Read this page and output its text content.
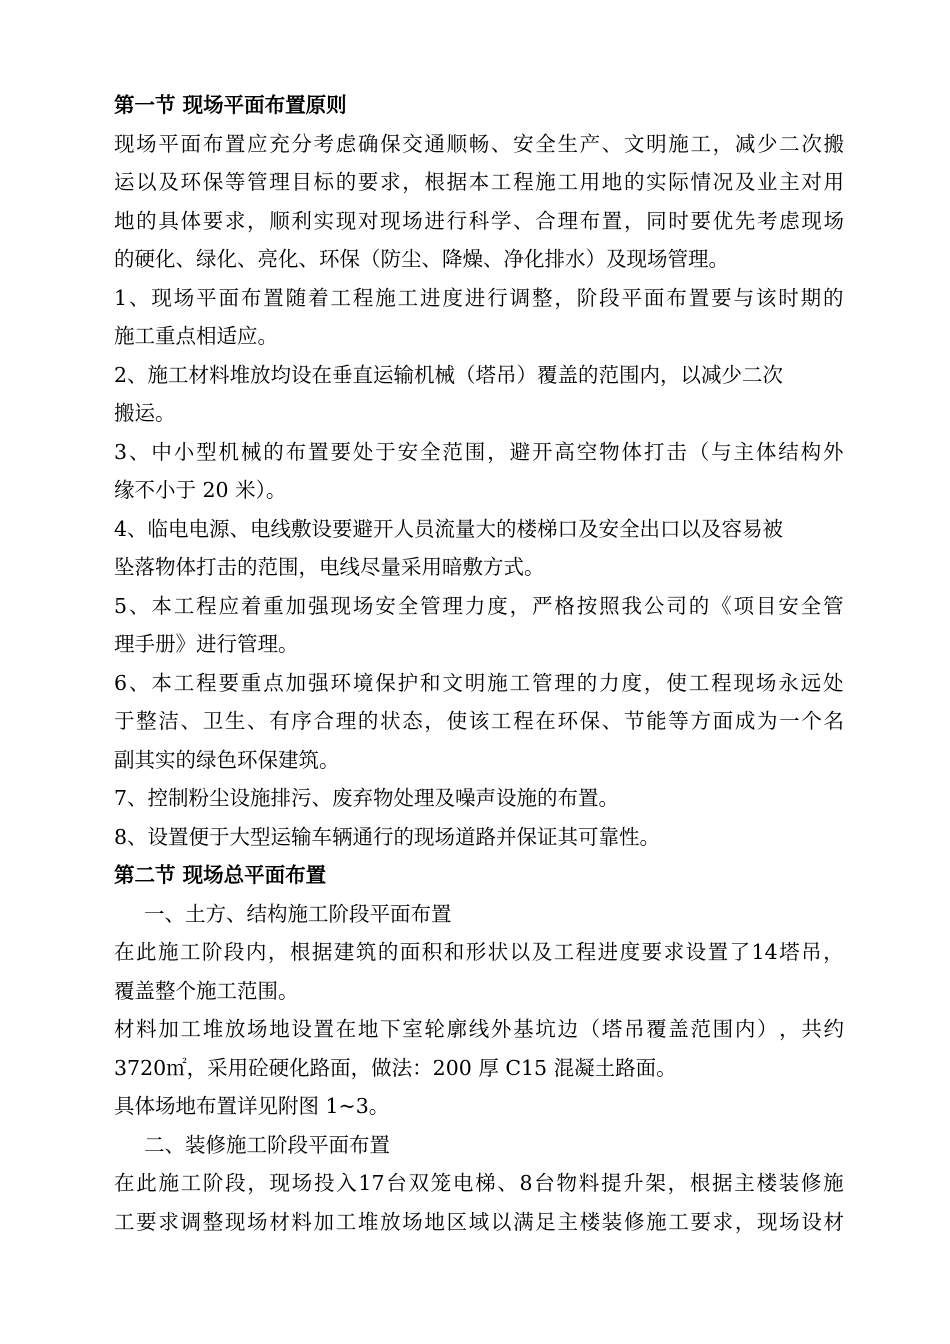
第一节 现场平面布置原则
现 场 平 面 布 置 应 充 分 考 虑 确 保 交 通 顺 畅 、 安 全 生 产 、 文 明 施 工 ， 减 少 二 次 搬
运 以 及 环 保 等 管 理 目 标 的 要 求 ， 根 据 本 工 程 施 工 用 地 的 实 际 情 况 及 业 主 对 用
地 的 具 体 要 求 ， 顺 利 实 现 对 现 场 进 行 科 学 、 合 理 布 置 ， 同 时 要 优 先 考 虑 现 场
的硬化、绿化、亮化、环保（防尘、降燥、净化排水）及现场管理。
1 、 现 场 平 面 布 置 随 着 工 程 施 工 进 度 进 行 调 整 ， 阶 段 平 面 布 置 要 与 该 时 期 的
施工重点相适应。
2、施工材料堆放均设在垂直运输机械（塔吊）覆盖的范围内，以减少二次
搬运。
3 、 中 小 型 机 械 的 布 置 要 处 于 安 全 范 围 ， 避 开 高 空 物 体 打 击 （ 与 主 体 结 构 外
缘不小于 20 米）。
4、临电电源、电线敷设要避开人员流量大的楼梯口及安全出口以及容易被
坠落物体打击的范围，电线尽量采用暗敷方式。
5 、 本 工 程 应 着 重 加 强 现 场 安 全 管 理 力 度 ， 严 格 按 照 我 公 司 的 《 项 目 安 全 管
理手册》进行管理。
6 、 本 工 程 要 重 点 加 强 环 境 保 护 和 文 明 施 工 管 理 的 力 度 ， 使 工 程 现 场 永 远 处
于 整 洁 、 卫 生 、 有 序 合 理 的 状 态 ， 使 该 工 程 在 环 保 、 节 能 等 方 面 成 为 一 个 名
副其实的绿色环保建筑。
7、控制粉尘设施排污、废弃物处理及噪声设施的布置。
8、设置便于大型运输车辆通行的现场道路并保证其可靠性。
第二节 现场总平面布置
一、土方、结构施工阶段平面布置
在 此 施 工 阶 段 内 ， 根 据 建 筑 的 面 积 和 形 状 以 及 工 程 进 度 要 求 设 置 了 14 塔 吊 ，
覆盖整个施工范围。
材 料 加 工 堆 放 场 地 设 置 在 地 下 室 轮 廓 线 外 基 坑 边 （ 塔 吊 覆 盖 范 围 内 ） ， 共 约
3720㎡，采用砼硬化路面，做法：200 厚 C15 混凝土路面。
具体场地布置详见附图 1~3。
二、装修施工阶段平面布置
在 此 施 工 阶 段 ， 现 场 投 入 17 台 双 笼 电 梯 、 8 台 物 料 提 升 架 ， 根 据 主 楼 装 修 施
工 要 求 调 整 现 场 材 料 加 工 堆 放 场 地 区 域 以 满 足 主 楼 装 修 施 工 要 求 ， 现 场 设 材
